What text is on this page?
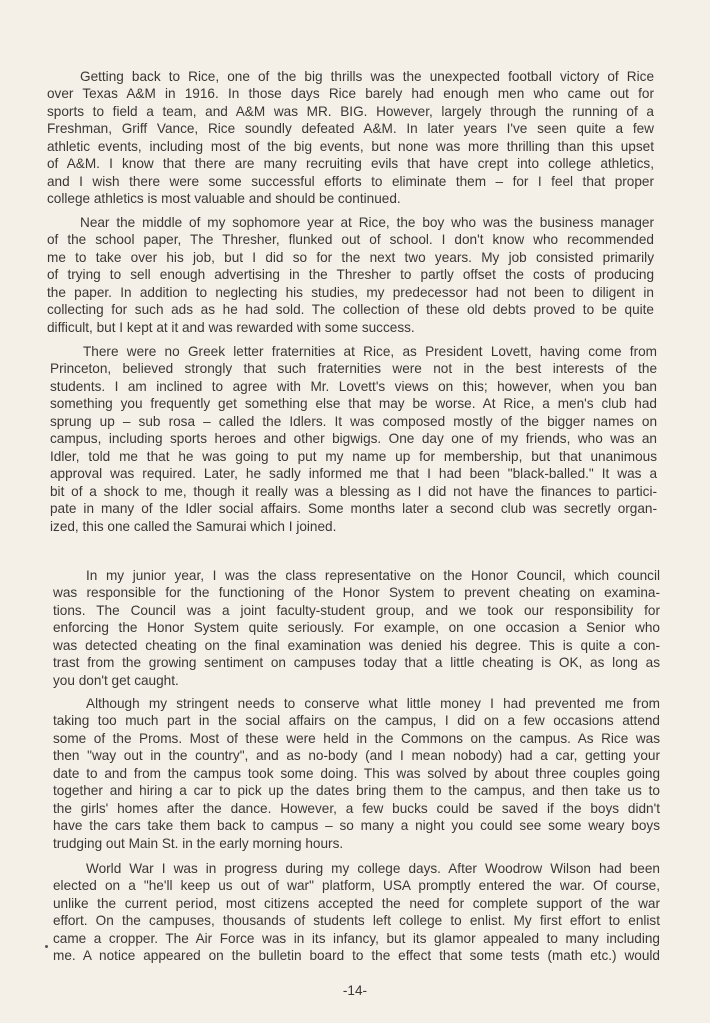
Getting back to Rice, one of the big thrills was the unexpected football victory of Rice
over Texas A&M in 1916. In those days Rice barely had enough men who came out for
sports to field a team, and A&M was MR. BIG. However, largely through the running of a
Freshman, Griff Vance, Rice soundly defeated A&M. In later years I've seen quite a few
athletic events, including most of the big events, but none was more thrilling than this upset
of A&M. I know that there are many recruiting evils that have crept into college athletics,
and I wish there were some successful efforts to eliminate them – for I feel that proper
college athletics is most valuable and should be continued.
Near the middle of my sophomore year at Rice, the boy who was the business manager
of the school paper, The Thresher, flunked out of school. I don't know who recommended
me to take over his job, but I did so for the next two years. My job consisted primarily
of trying to sell enough advertising in the Thresher to partly offset the costs of producing
the paper. In addition to neglecting his studies, my predecessor had not been to diligent in
collecting for such ads as he had sold. The collection of these old debts proved to be quite
difficult, but I kept at it and was rewarded with some success.
There were no Greek letter fraternities at Rice, as President Lovett, having come from
Princeton, believed strongly that such fraternities were not in the best interests of the
students. I am inclined to agree with Mr. Lovett's views on this; however, when you ban
something you frequently get something else that may be worse. At Rice, a men's club had
sprung up – sub rosa – called the Idlers. It was composed mostly of the bigger names on
campus, including sports heroes and other bigwigs. One day one of my friends, who was an
Idler, told me that he was going to put my name up for membership, but that unanimous
approval was required. Later, he sadly informed me that I had been "black-balled." It was a
bit of a shock to me, though it really was a blessing as I did not have the finances to partici-
pate in many of the Idler social affairs. Some months later a second club was secretly organ-
ized, this one called the Samurai which I joined.
In my junior year, I was the class representative on the Honor Council, which council
was responsible for the functioning of the Honor System to prevent cheating on examina-
tions. The Council was a joint faculty-student group, and we took our responsibility for
enforcing the Honor System quite seriously. For example, on one occasion a Senior who
was detected cheating on the final examination was denied his degree. This is quite a con-
trast from the growing sentiment on campuses today that a little cheating is OK, as long as
you don't get caught.
Although my stringent needs to conserve what little money I had prevented me from
taking too much part in the social affairs on the campus, I did on a few occasions attend
some of the Proms. Most of these were held in the Commons on the campus. As Rice was
then "way out in the country", and as no-body (and I mean nobody) had a car, getting your
date to and from the campus took some doing. This was solved by about three couples going
together and hiring a car to pick up the dates bring them to the campus, and then take us to
the girls' homes after the dance. However, a few bucks could be saved if the boys didn't
have the cars take them back to campus – so many a night you could see some weary boys
trudging out Main St. in the early morning hours.
World War I was in progress during my college days. After Woodrow Wilson had been
elected on a "he'll keep us out of war" platform, USA promptly entered the war. Of course,
unlike the current period, most citizens accepted the need for complete support of the war
effort. On the campuses, thousands of students left college to enlist. My first effort to enlist
came a cropper. The Air Force was in its infancy, but its glamor appealed to many including
me. A notice appeared on the bulletin board to the effect that some tests (math etc.) would
-14-
